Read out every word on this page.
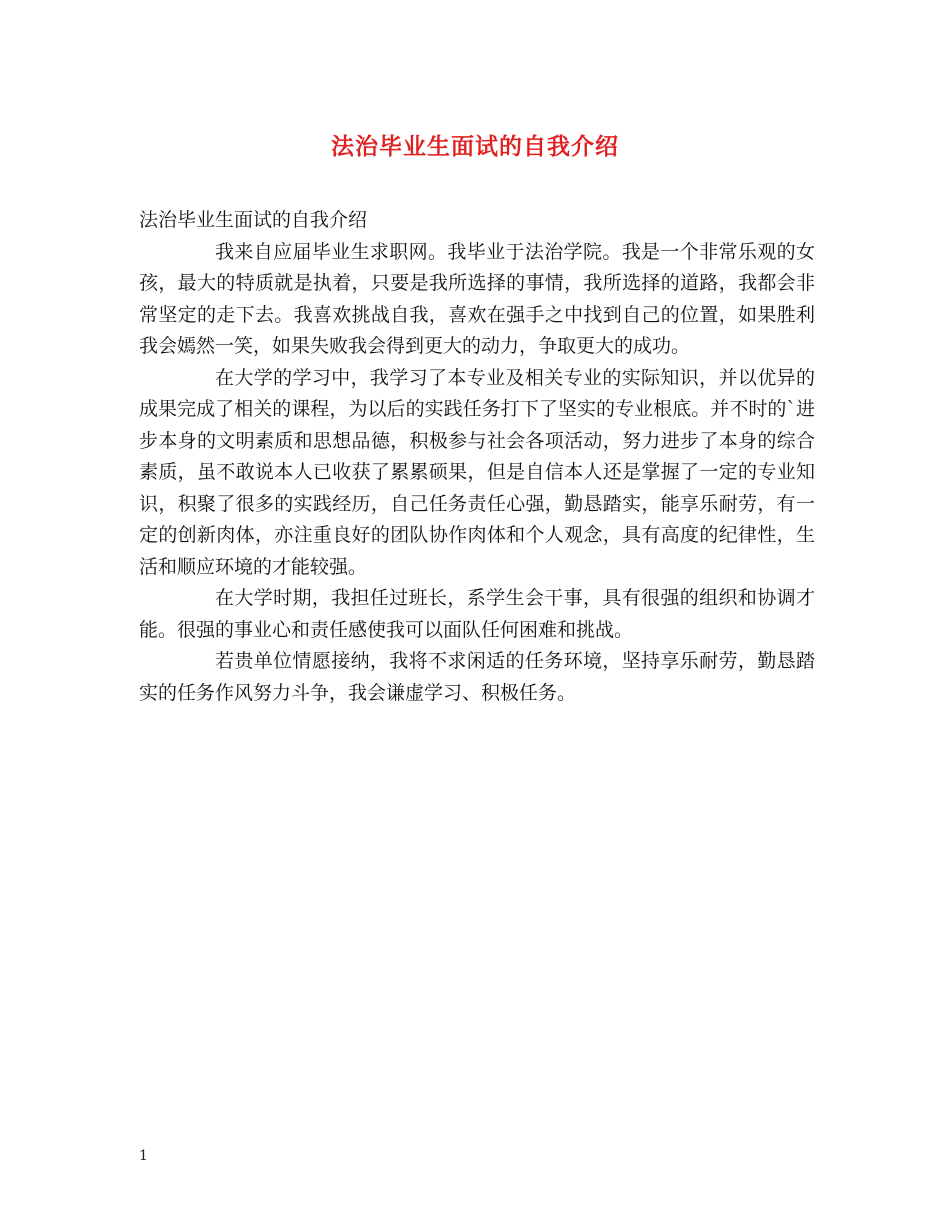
法治毕业生面试的自我介绍

法治毕业生面试的自我介绍

我来自应届毕业生求职网。我毕业于法治学院。我是一个非常乐观的女孩，最大的特质就是执着，只要是我所选择的事情，我所选择的道路，我都会非常坚定的走下去。我喜欢挑战自我，喜欢在强手之中找到自己的位置，如果胜利我会嫣然一笑，如果失败我会得到更大的动力，争取更大的成功。

在大学的学习中，我学习了本专业及相关专业的实际知识，并以优异的成果完成了相关的课程，为以后的实践任务打下了坚实的专业根底。并不时的`进步本身的文明素质和思想品德，积极参与社会各项活动，努力进步了本身的综合素质，虽不敢说本人已收获了累累硕果，但是自信本人还是掌握了一定的专业知识，积聚了很多的实践经历，自己任务责任心强，勤恳踏实，能享乐耐劳，有一定的创新肉体，亦注重良好的团队协作肉体和个人观念，具有高度的纪律性，生活和顺应环境的才能较强。

在大学时期，我担任过班长，系学生会干事，具有很强的组织和协调才能。很强的事业心和责任感使我可以面队任何困难和挑战。

若贵单位情愿接纳，我将不求闲适的任务环境，坚持享乐耐劳，勤恳踏实的任务作风努力斗争，我会谦虚学习、积极任务。

1
